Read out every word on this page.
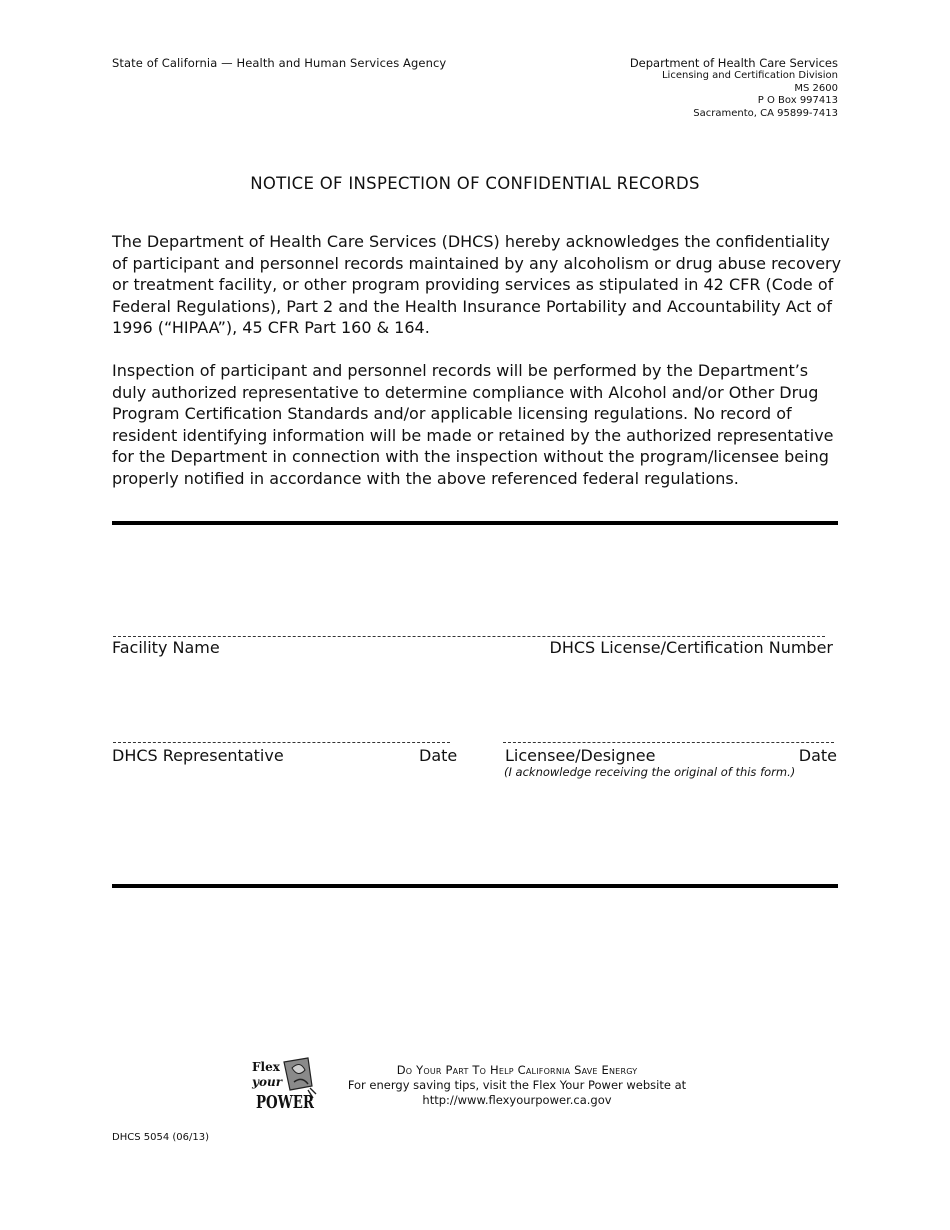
State of California — Health and Human Services Agency	Department of Health Care Services
Licensing and Certification Division
MS 2600
P O Box 997413
Sacramento, CA 95899-7413
NOTICE OF INSPECTION OF CONFIDENTIAL RECORDS

The Department of Health Care Services (DHCS) hereby acknowledges the confidentiality of participant and personnel records maintained by any alcoholism or drug abuse recovery or treatment facility, or other program providing services as stipulated in 42 CFR (Code of Federal Regulations), Part 2 and the Health Insurance Portability and Accountability Act of 1996 (“HIPAA”), 45 CFR Part 160 & 164.

Inspection of participant and personnel records will be performed by the Department’s duly authorized representative to determine compliance with Alcohol and/or Other Drug Program Certification Standards and/or applicable licensing regulations. No record of resident identifying information will be made or retained by the authorized representative for the Department in connection with the inspection without the program/licensee being properly notified in accordance with the above referenced federal regulations.

Facility Name	DHCS License/Certification Number
DHCS Representative	Date	Licensee/Designee	Date
(I acknowledge receiving the original of this form.)
Flex
your
POWER
Do Your Part To Help California Save Energy
For energy saving tips, visit the Flex Your Power website at
http://www.flexyourpower.ca.gov
DHCS 5054 (06/13)
